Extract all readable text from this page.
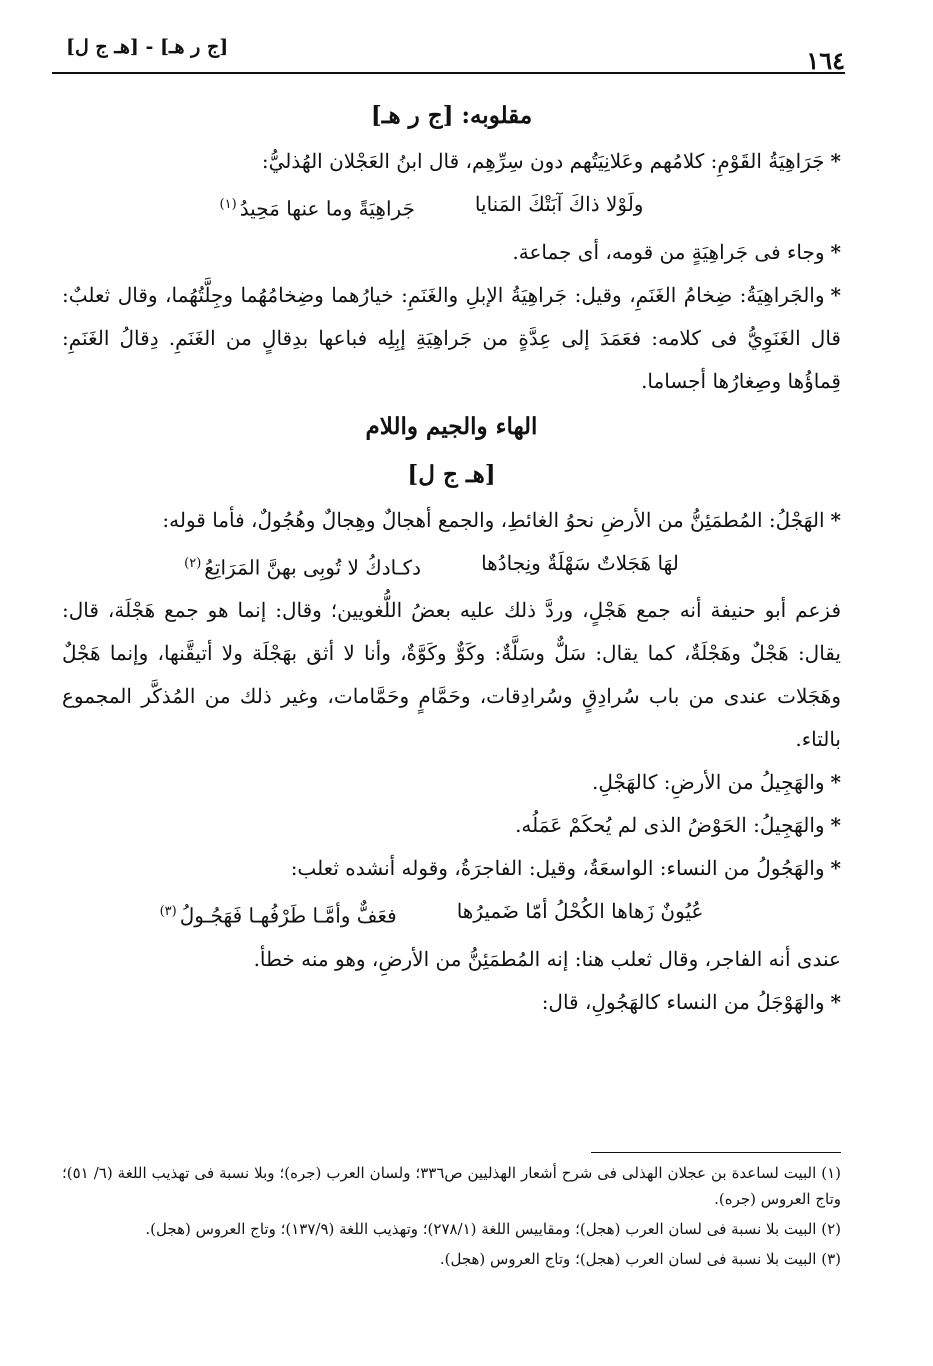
١٦٤
[ج ر هـ] - [هـ ج ل]

مقلوبه: [ج ر هـ]

*جَرَاهِيَةُ القَوْمِ: كلامُهم وعَلانِيَتُهم دون سِرِّهِم، قال ابنُ العَجْلان الهُذليُّ:

ولَوْلا ذاكَ آبَتْكَ المَنايا
جَراهِيَةً وما عنها مَحِيدُ$^{(١)}$

*وجاء فى جَراهِيَةٍ من قومه، أى جماعة.

*والجَراهِيَةُ: ضِخامُ الغَنَمِ، وقيل: جَراهِيَةُ الإبلِ والغَنَمِ: خيارُهما وضِخامُهُما وجِلَّتُهُما، وقال ثعلبٌ: قال الغَنَوِيُّ فى كلامه: فعَمَدَ إلى عِدَّةٍ من جَراهِيَةِ إبِلِه فباعها بدِقالٍ من الغَنَمِ. دِقالُ الغَنَمِ: قِماؤُها وصِغارُها أجساما.

الهاء والجيم واللام

[هـ ج ل]

*الهَجْلُ: المُطمَئِنُّ من الأرضِ نحوُ الغائطِ، والجمع أهجالٌ وهِجالٌ وهُجُولٌ، فأما قوله:

لهَا هَجَلاتٌ سَهْلَةٌ ونِجادُها
دكـادكُ لا تُوبِى بهنَّ المَرَاتِعُ$^{(٢)}$

فزعم أبو حنيفة أنه جمع هَجْلٍ، وردَّ ذلك عليه بعضُ اللُّغويين؛ وقال: إنما هو جمع هَجْلَة، قال: يقال: هَجْلٌ وهَجْلَةٌ، كما يقال: سَلٌّ وسَلَّةٌ: وكَوٌّ وكَوَّةٌ، وأنا لا أثق بهَجْلَة ولا أتيقَّنها، وإنما هَجْلٌ وهَجَلات عندى من باب سُرادِقٍ وسُرادِقات، وحَمَّامٍ وحَمَّامات، وغير ذلك من المُذكَّر المجموع بالتاء.

*والهَجِيلُ من الأرضِ: كالهَجْلِ.

*والهَجِيلُ: الحَوْضُ الذى لم يُحكَمْ عَمَلُه.

*والهَجُولُ من النساء: الواسعَةُ، وقيل: الفاجرَةُ، وقوله أنشده ثعلب:

عُيُونٌ زَهاها الكُحْلُ أمّا ضَميرُها
فعَفٌّ وأمَّـا طَرْفُهـا فَهَجُـولُ$^{(٣)}$

عندى أنه الفاجر، وقال ثعلب هنا: إنه المُطمَئِنُّ من الأرضِ، وهو منه خطأ.

*والهَوْجَلُ من النساء كالهَجُولِ، قال:

(١) البيت لساعدة بن عجلان الهذلى فى شرح أشعار الهذليين ص٣٣٦؛ ولسان العرب (جره)؛ وبلا نسبة فى تهذيب اللغة (٦/ ٥١)؛ وتاج العروس (جره).

(٢) البيت بلا نسبة فى لسان العرب (هجل)؛ ومقاييس اللغة (٢٧٨/١)؛ وتهذيب اللغة (١٣٧/٩)؛ وتاج العروس (هجل).

(٣) البيت بلا نسبة فى لسان العرب (هجل)؛ وتاج العروس (هجل).
